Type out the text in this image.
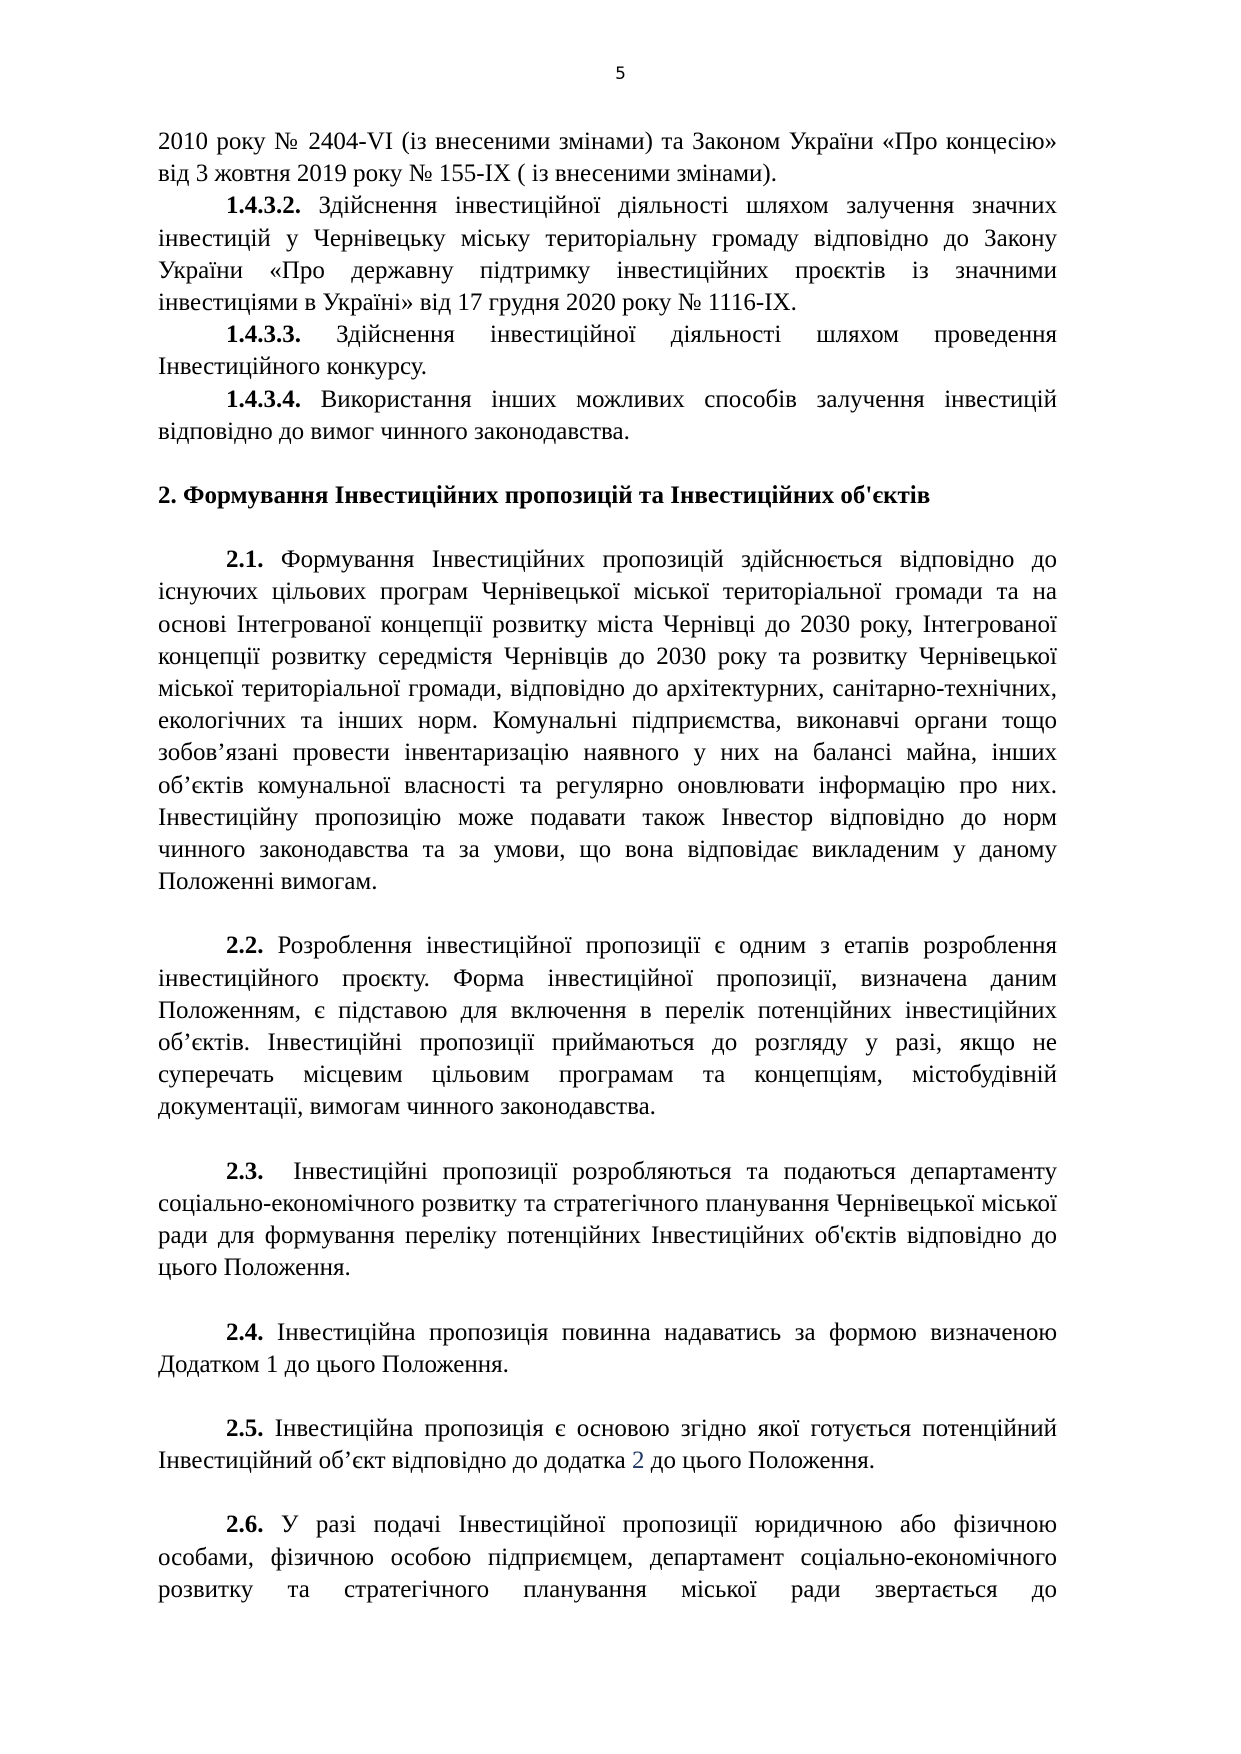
5

2010 року № 2404-VI (із внесеними змінами) та Законом України «Про концесію» від 3 жовтня 2019 року № 155-IX ( із внесеними змінами).

1.4.3.2. Здійснення інвестиційної діяльності шляхом залучення значних інвестицій у Чернівецьку міську територіальну громаду відповідно до Закону України «Про державну підтримку інвестиційних проєктів із значними інвестиціями в Україні» від 17 грудня 2020 року № 1116-IX.

1.4.3.3. Здійснення інвестиційної діяльності шляхом проведення Інвестиційного конкурсу.

1.4.3.4. Використання інших можливих способів залучення інвестицій відповідно до вимог чинного законодавства.

2. Формування Інвестиційних пропозицій та Інвестиційних об'єктів

2.1. Формування Інвестиційних пропозицій здійснюється відповідно до існуючих цільових програм Чернівецької міської територіальної громади та на основі Інтегрованої концепції розвитку міста Чернівці до 2030 року, Інтегрованої концепції розвитку середмістя Чернівців до 2030 року та розвитку Чернівецької міської територіальної громади, відповідно до архітектурних, санітарно-технічних, екологічних та інших норм. Комунальні підприємства, виконавчі органи тощо зобов’язані провести інвентаризацію наявного у них на балансі майна, інших об’єктів комунальної власності та регулярно оновлювати інформацію про них. Інвестиційну пропозицію може подавати також Інвестор відповідно до норм чинного законодавства та за умови, що вона відповідає викладеним у даному Положенні вимогам.

2.2. Розроблення інвестиційної пропозиції є одним з етапів розроблення інвестиційного проєкту. Форма інвестиційної пропозиції, визначена даним Положенням, є підставою для включення в перелік потенційних інвестиційних об’єктів. Інвестиційні пропозиції приймаються до розгляду у разі, якщо не суперечать місцевим цільовим програмам та концепціям, містобудівній документації, вимогам чинного законодавства.

2.3.  Інвестиційні пропозиції розробляються та подаються департаменту соціально-економічного розвитку та стратегічного планування Чернівецької міської ради для формування переліку потенційних Інвестиційних об'єктів відповідно до цього Положення.

2.4. Інвестиційна пропозиція повинна надаватись за формою визначеною Додатком 1 до цього Положення.

2.5. Інвестиційна пропозиція є основою згідно якої готується потенційний Інвестиційний об’єкт відповідно до додатка 2 до цього Положення.

2.6. У разі подачі Інвестиційної пропозиції юридичною або фізичною особами, фізичною особою підприємцем, департамент соціально-економічного розвитку та стратегічного планування міської ради звертається до
